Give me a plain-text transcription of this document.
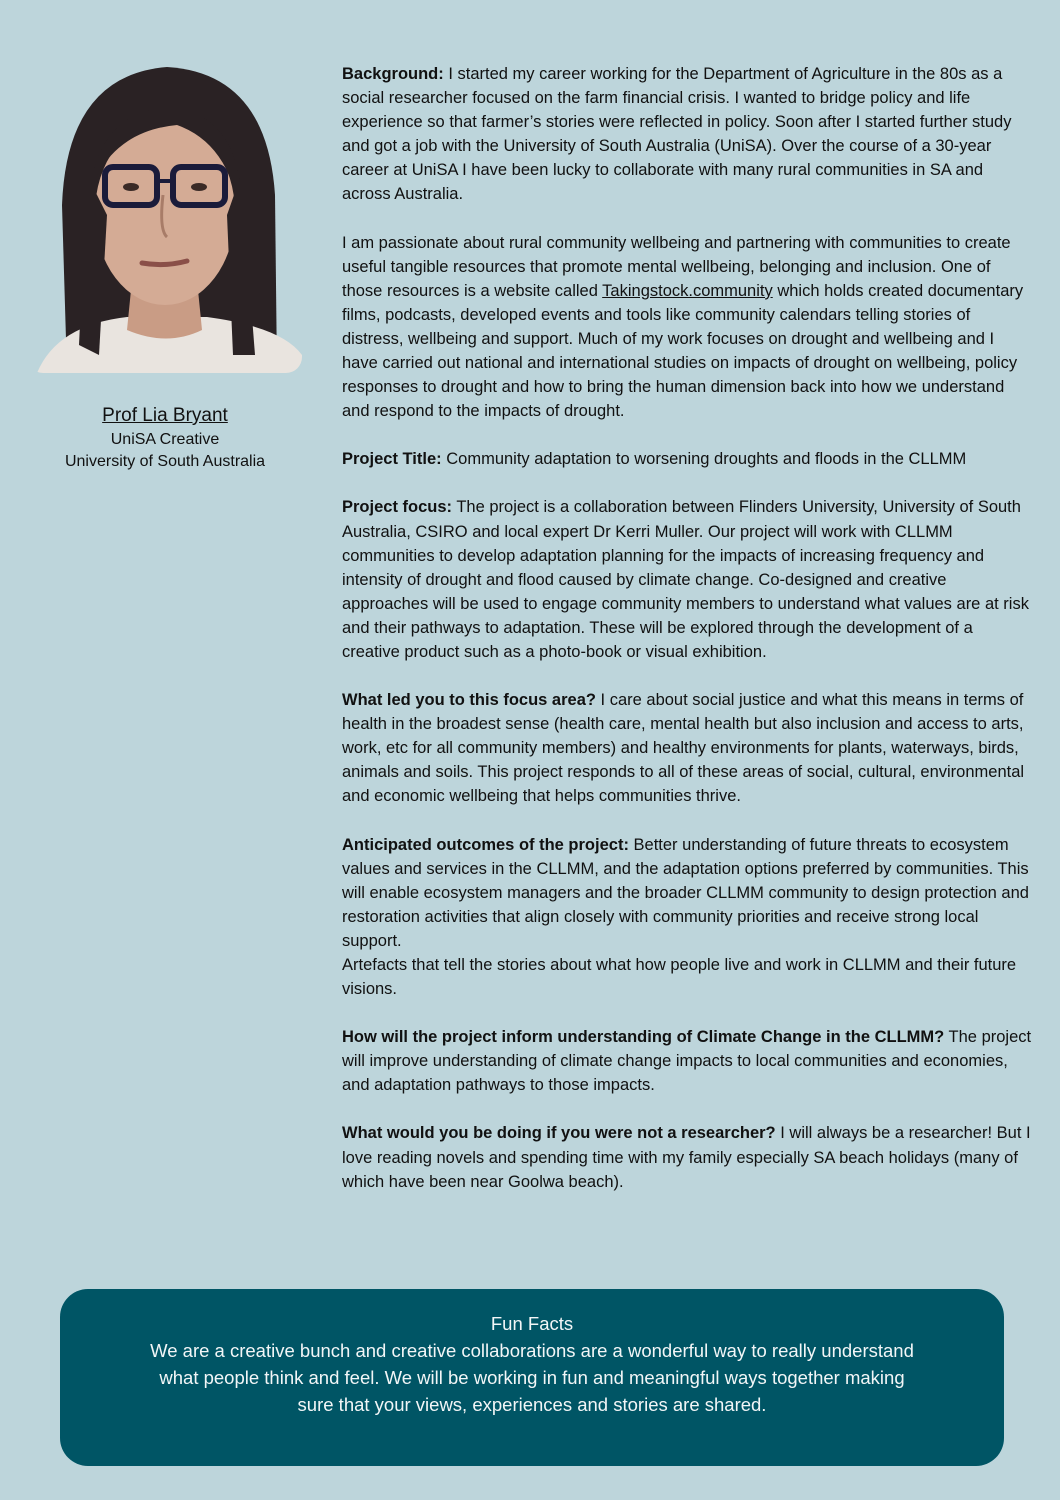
Prof Lia Bryant
UniSA Creative
University of South Australia

Background: I started my career working for the Department of Agriculture in the 80s as a social researcher focused on the farm financial crisis. I wanted to bridge policy and life experience so that farmer’s stories were reflected in policy. Soon after I started further study and got a job with the University of South Australia (UniSA). Over the course of a 30-year career at UniSA I have been lucky to collaborate with many rural communities in SA and across Australia.

I am passionate about rural community wellbeing and partnering with communities to create useful tangible resources that promote mental wellbeing, belonging and inclusion. One of those resources is a website called Takingstock.community which holds created documentary films, podcasts, developed events and tools like community calendars telling stories of distress, wellbeing and support. Much of my work focuses on drought and wellbeing and I have carried out national and international studies on impacts of drought on wellbeing, policy responses to drought and how to bring the human dimension back into how we understand and respond to the impacts of drought.

Project Title: Community adaptation to worsening droughts and floods in the CLLMM

Project focus: The project is a collaboration between Flinders University, University of South Australia, CSIRO and local expert Dr Kerri Muller. Our project will work with CLLMM communities to develop adaptation planning for the impacts of increasing frequency and intensity of drought and flood caused by climate change. Co-designed and creative approaches will be used to engage community members to understand what values are at risk and their pathways to adaptation. These will be explored through the development of a creative product such as a photo-book or visual exhibition.

What led you to this focus area? I care about social justice and what this means in terms of health in the broadest sense (health care, mental health but also inclusion and access to arts, work, etc for all community members) and healthy environments for plants, waterways, birds, animals and soils. This project responds to all of these areas of social, cultural, environmental and economic wellbeing that helps communities thrive.

Anticipated outcomes of the project: Better understanding of future threats to ecosystem values and services in the CLLMM, and the adaptation options preferred by communities. This will enable ecosystem managers and the broader CLLMM community to design protection and restoration activities that align closely with community priorities and receive strong local support.
Artefacts that tell the stories about what how people live and work in CLLMM and their future visions.

How will the project inform understanding of Climate Change in the CLLMM? The project will improve understanding of climate change impacts to local communities and economies, and adaptation pathways to those impacts.

What would you be doing if you were not a researcher? I will always be a researcher! But I love reading novels and spending time with my family especially SA beach holidays (many of which have been near Goolwa beach).

Fun Facts
We are a creative bunch and creative collaborations are a wonderful way to really understand what people think and feel. We will be working in fun and meaningful ways together making sure that your views, experiences and stories are shared.
